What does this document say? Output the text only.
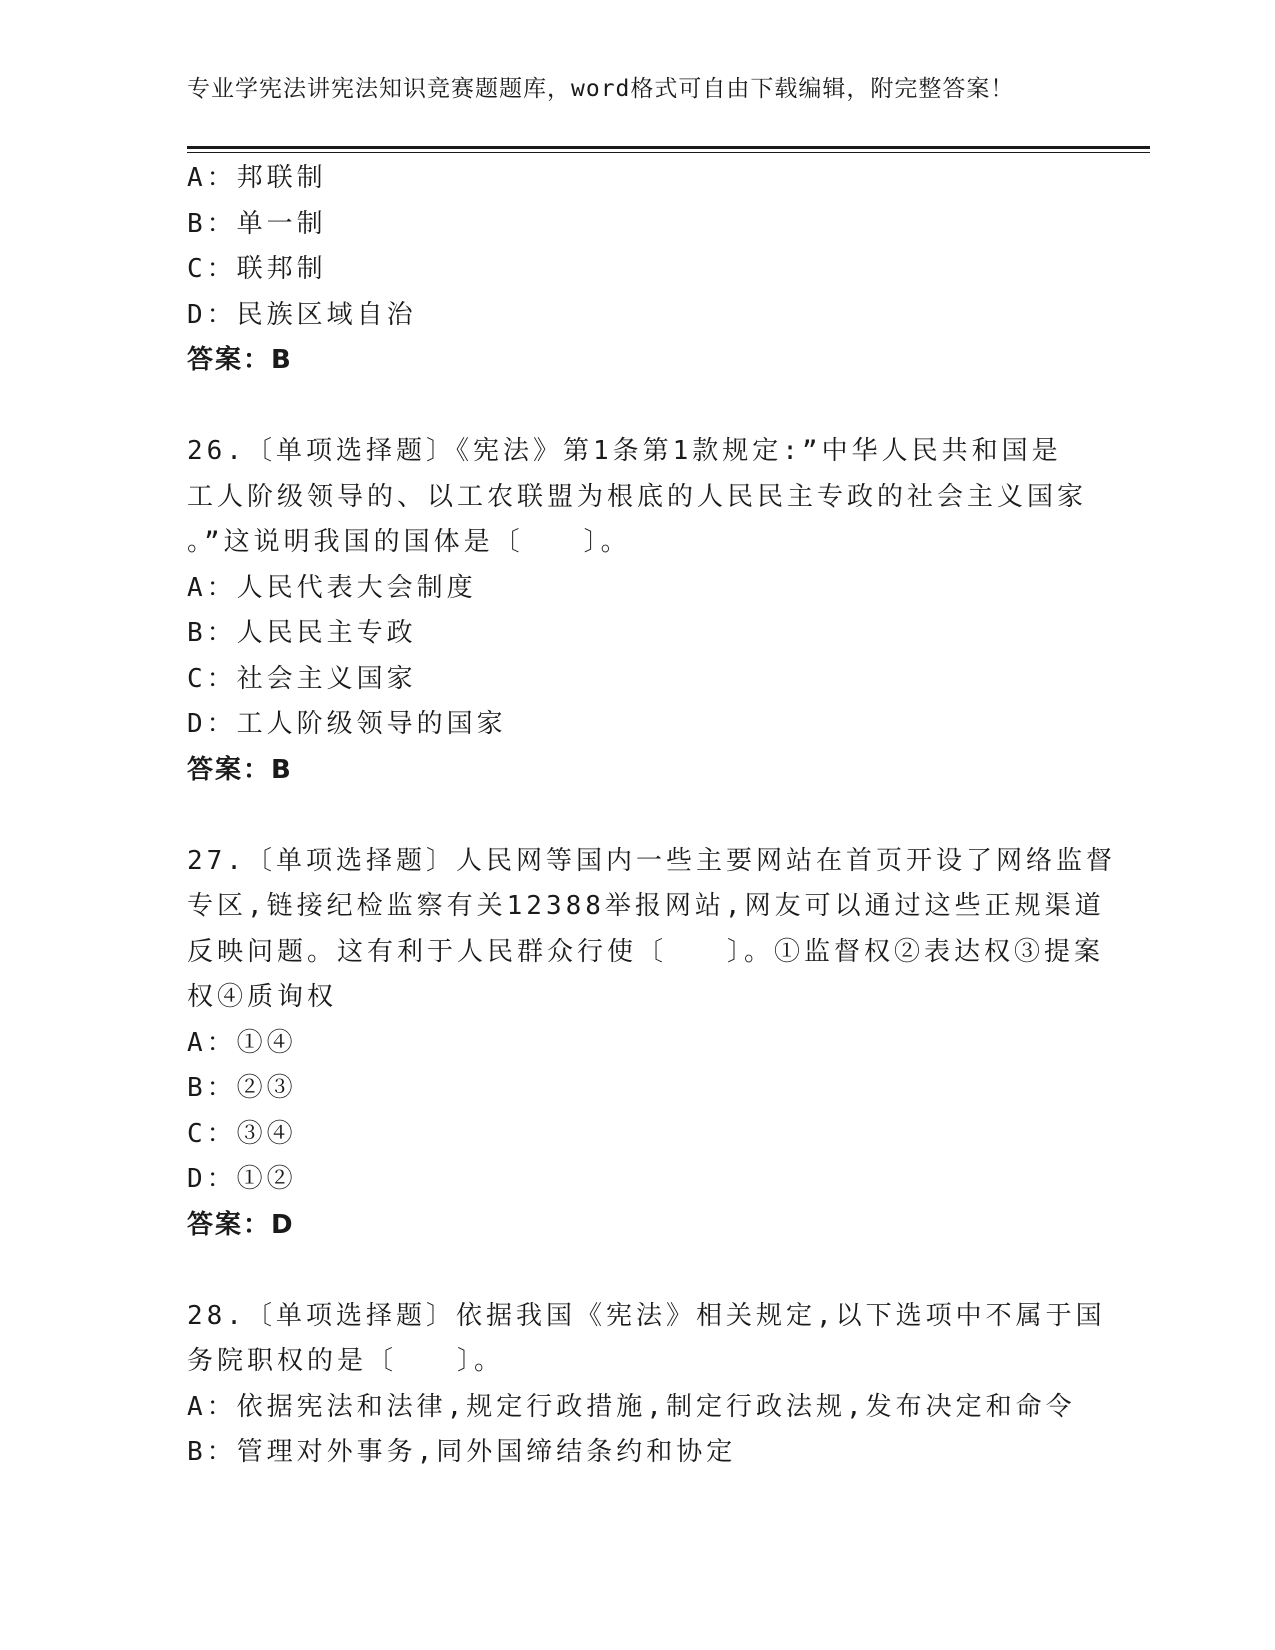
专业学宪法讲宪法知识竞赛题题库，word格式可自由下载编辑，附完整答案！
A：邦联制
B：单一制
C：联邦制
D：民族区域自治
答案：B
26.〔单项选择题〕《宪法》第1条第1款规定:”中华人民共和国是
工人阶级领导的、以工农联盟为根底的人民民主专政的社会主义国家
。”这说明我国的国体是〔　　〕。
A：人民代表大会制度
B：人民民主专政
C：社会主义国家
D：工人阶级领导的国家
答案：B
27.〔单项选择题〕人民网等国内一些主要网站在首页开设了网络监督
专区,链接纪检监察有关12388举报网站,网友可以通过这些正规渠道
反映问题。这有利于人民群众行使〔　　〕。①监督权②表达权③提案
权④质询权
A：①④
B：②③
C：③④
D：①②
答案：D
28.〔单项选择题〕依据我国《宪法》相关规定,以下选项中不属于国
务院职权的是〔　　〕。
A：依据宪法和法律,规定行政措施,制定行政法规,发布决定和命令
B：管理对外事务,同外国缔结条约和协定
